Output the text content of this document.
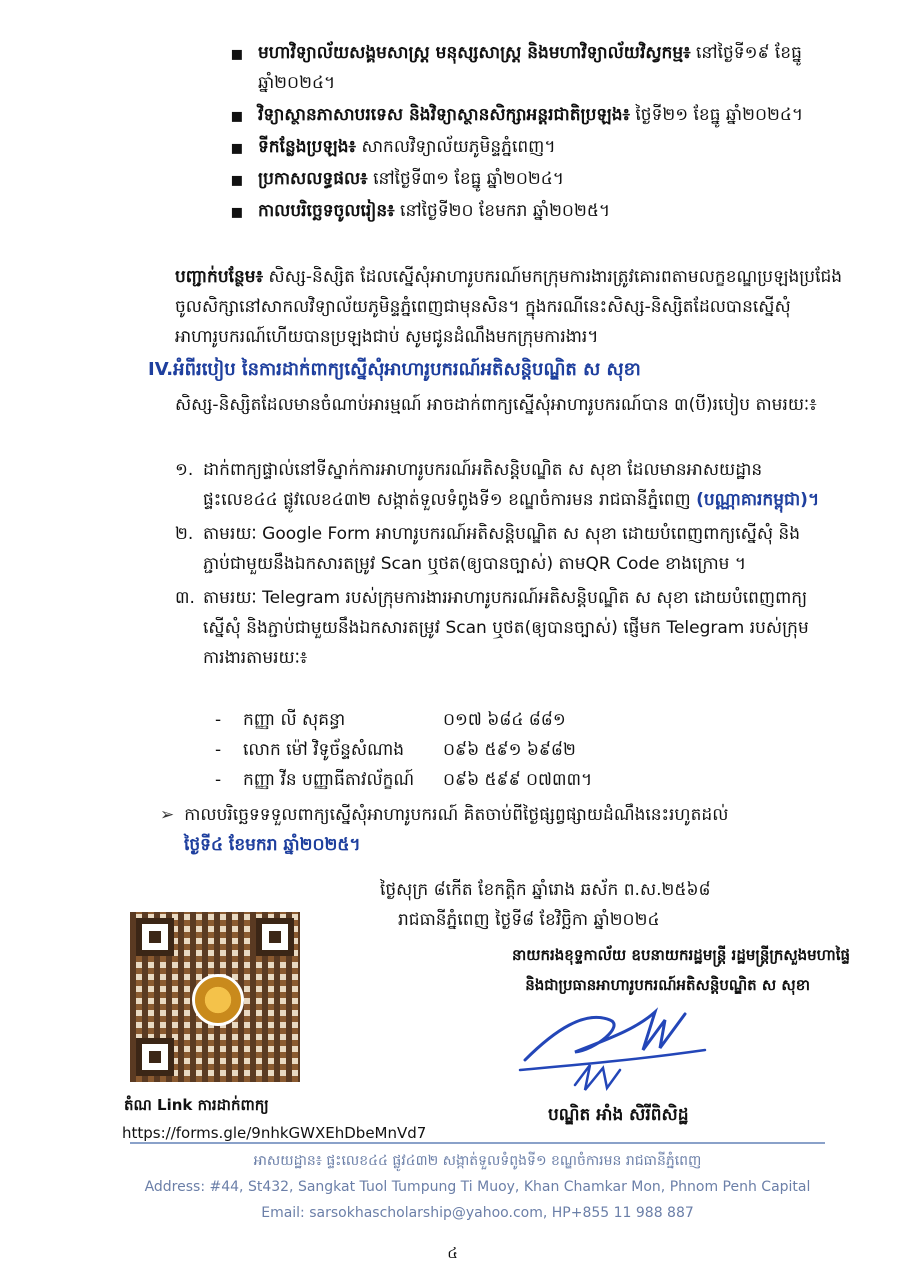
▪ មហាវិទ្យាល័យសង្គមសាស្ត្រ មនុស្សសាស្ត្រ និងមហាវិទ្យាល័យវិស្វកម្ម៖ នៅថ្ងៃទី១៩ ខែធ្នូ ឆ្នាំ២០២៤។
▪ វិទ្យាស្ថានភាសាបរទេស និងវិទ្យាស្ថានសិក្សាអន្តរជាតិប្រឡង៖ ថ្ងៃទី២១ ខែធ្នូ ឆ្នាំ២០២៤។
▪ ទីកន្លែងប្រឡង៖ សាកលវិទ្យាល័យភូមិន្ទភ្នំពេញ។
▪ ប្រកាសលទ្ធផល៖ នៅថ្ងៃទី៣១ ខែធ្នូ ឆ្នាំ២០២៤។
▪ កាលបរិច្ឆេទចូលរៀន៖ នៅថ្ងៃទី២០ ខែមករា ឆ្នាំ២០២៥។
បញ្ជាក់បន្ថែម៖ សិស្ស-និស្សិត ដែលស្នើសុំអាហារូបករណ៍មកក្រុមការងារត្រូវគោរពតាមលក្ខខណ្ឌប្រឡងប្រជែងចូលសិក្សានៅសាកលវិទ្យាល័យភូមិន្ទភ្នំពេញជាមុនសិន។ ក្នុងករណីនេះសិស្ស-និស្សិតដែលបានស្នើសុំអាហារូបករណ៍ហើយបានប្រឡងជាប់ សូមជូនដំណឹងមកក្រុមការងារ។
IV.អំពីរបៀប នៃការដាក់ពាក្យស្នើសុំអាហារូបករណ៍អតិសន្តិបណ្ឌិត ស សុខា
សិស្ស-និស្សិតដែលមានចំណាប់អារម្មណ៍ អាចដាក់ពាក្យស្នើសុំអាហារូបករណ៍បាន ៣(បី)របៀប តាមរយៈ៖
១. ដាក់ពាក្យផ្ទាល់នៅទីស្នាក់ការអាហារូបករណ៍អតិសន្តិបណ្ឌិត ស សុខា ដែលមានអាសយដ្ឋាន ផ្ទះលេខ៤៤ ផ្លូវលេខ៤៣២ សង្កាត់ទួលទំពូងទី១ ខណ្ឌចំការមន រាជធានីភ្នំពេញ (បណ្ណាគារកម្ពុជា)។
២. តាមរយៈ Google Form អាហារូបករណ៍អតិសន្តិបណ្ឌិត ស សុខា ដោយបំពេញពាក្យស្នើសុំ និងភ្ជាប់ជាមួយនឹងឯកសារតម្រូវ Scan ឬថត(ឲ្យបានច្បាស់) តាមQR Code ខាងក្រោម ។
៣. តាមរយៈ Telegram របស់ក្រុមការងារអាហារូបករណ៍អតិសន្តិបណ្ឌិត ស សុខា ដោយបំពេញពាក្យស្នើសុំ និងភ្ជាប់ជាមួយនឹងឯកសារតម្រូវ Scan ឬថត(ឲ្យបានច្បាស់) ផ្ញើមក Telegram របស់ក្រុមការងារតាមរយៈ៖
-	កញ្ញា លី សុគន្ធា	០១៧ ៦៨៤ ៨៨១
-	លោក ម៉ៅ វិទូច័ន្ទសំណាង	០៩៦ ៥៩១ ៦៩៨២
-	កញ្ញា វីន បញ្ញាធីតាវល័ក្ខណ៍	០៩៦ ៥៩៩ ០៧៣៣។
➢ កាលបរិច្ឆេទទទួលពាក្យស្នើសុំអាហារូបករណ៍ គិតចាប់ពីថ្ងៃផ្សព្វផ្សាយដំណឹងនេះរហូតដល់
ថ្ងៃទី៤ ខែមករា ឆ្នាំ២០២៥។
ថ្ងៃសុក្រ ៨កើត ខែកត្តិក ឆ្នាំរោង ឆស័ក ព.ស.២៥៦៨
រាជធានីភ្នំពេញ ថ្ងៃទី៨ ខែវិច្ឆិកា ឆ្នាំ២០២៤
នាយករងខុទ្ទកាល័យ ឧបនាយករដ្ឋមន្ត្រី រដ្ឋមន្ត្រីក្រសួងមហាផ្ទៃ
និងជាប្រធានអាហារូបករណ៍អតិសន្តិបណ្ឌិត ស សុខា
តំណ Link ការដាក់ពាក្យ
https://forms.gle/9nhkGWXEhDbeMnVd7
បណ្ឌិត អាំង សិរីពិសិដ្ឋ
អាសយដ្ឋាន៖ ផ្ទះលេខ៤៤ ផ្លូវ៤៣២ សង្កាត់ទួលទំពូងទី១ ខណ្ឌចំការមន រាជធានីភ្នំពេញ
Address: #44, St432, Sangkat Tuol Tumpung Ti Muoy, Khan Chamkar Mon, Phnom Penh Capital
Email: sarsokhascholarship@yahoo.com, HP+855 11 988 887
៤
